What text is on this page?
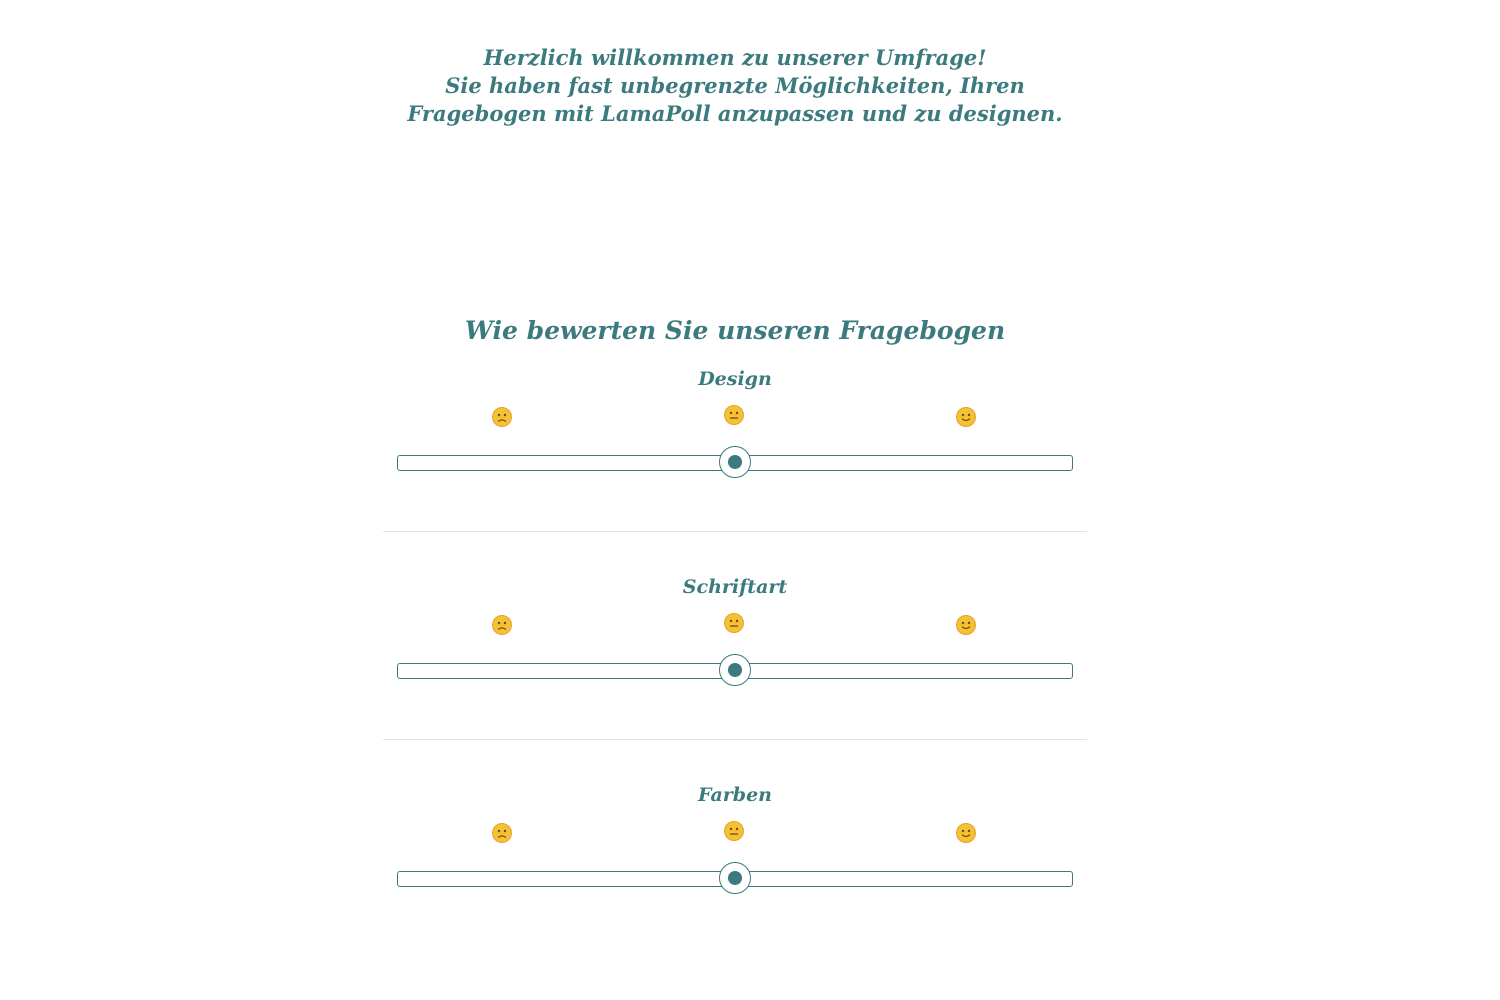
Herzlich willkommen zu unserer Umfrage!
Sie haben fast unbegrenzte Möglichkeiten, Ihren Fragebogen mit LamaPoll anzupassen und zu designen.
Wie bewerten Sie unseren Fragebogen
Design
Schriftart
Farben
